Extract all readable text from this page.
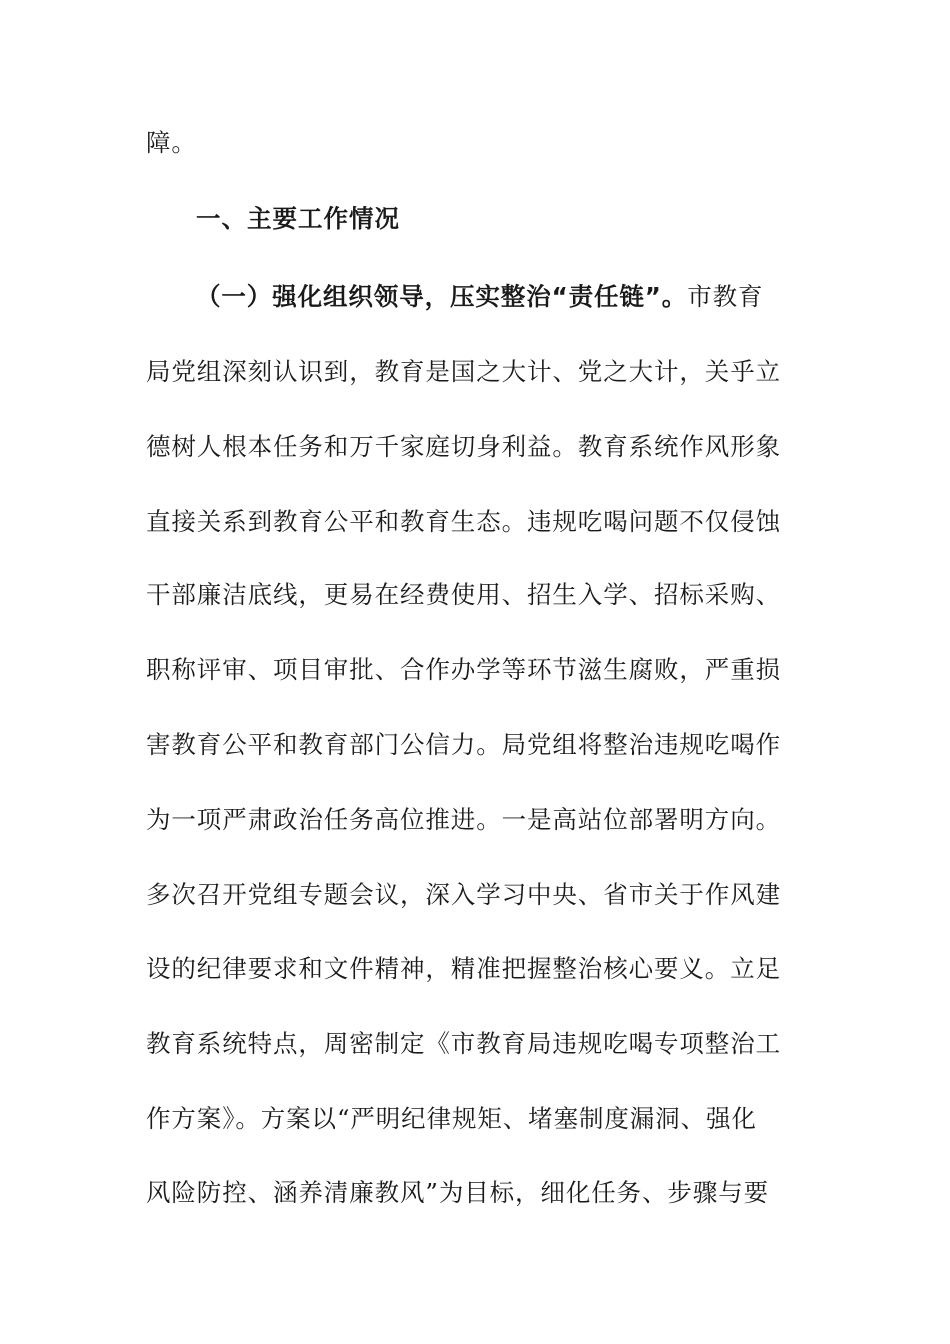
障。
一、主要工作情况
（一）强化组织领导，压实整治“责任链”。市教育
局党组深刻认识到，教育是国之大计、党之大计，关乎立
德树人根本任务和万千家庭切身利益。教育系统作风形象
直接关系到教育公平和教育生态。违规吃喝问题不仅侵蚀
干部廉洁底线，更易在经费使用、招生入学、招标采购、
职称评审、项目审批、合作办学等环节滋生腐败，严重损
害教育公平和教育部门公信力。局党组将整治违规吃喝作
为一项严肃政治任务高位推进。一是高站位部署明方向。
多次召开党组专题会议，深入学习中央、省市关于作风建
设的纪律要求和文件精神，精准把握整治核心要义。立足
教育系统特点，周密制定《市教育局违规吃喝专项整治工
作方案》。方案以“严明纪律规矩、堵塞制度漏洞、强化
风险防控、涵养清廉教风”为目标，细化任务、步骤与要
